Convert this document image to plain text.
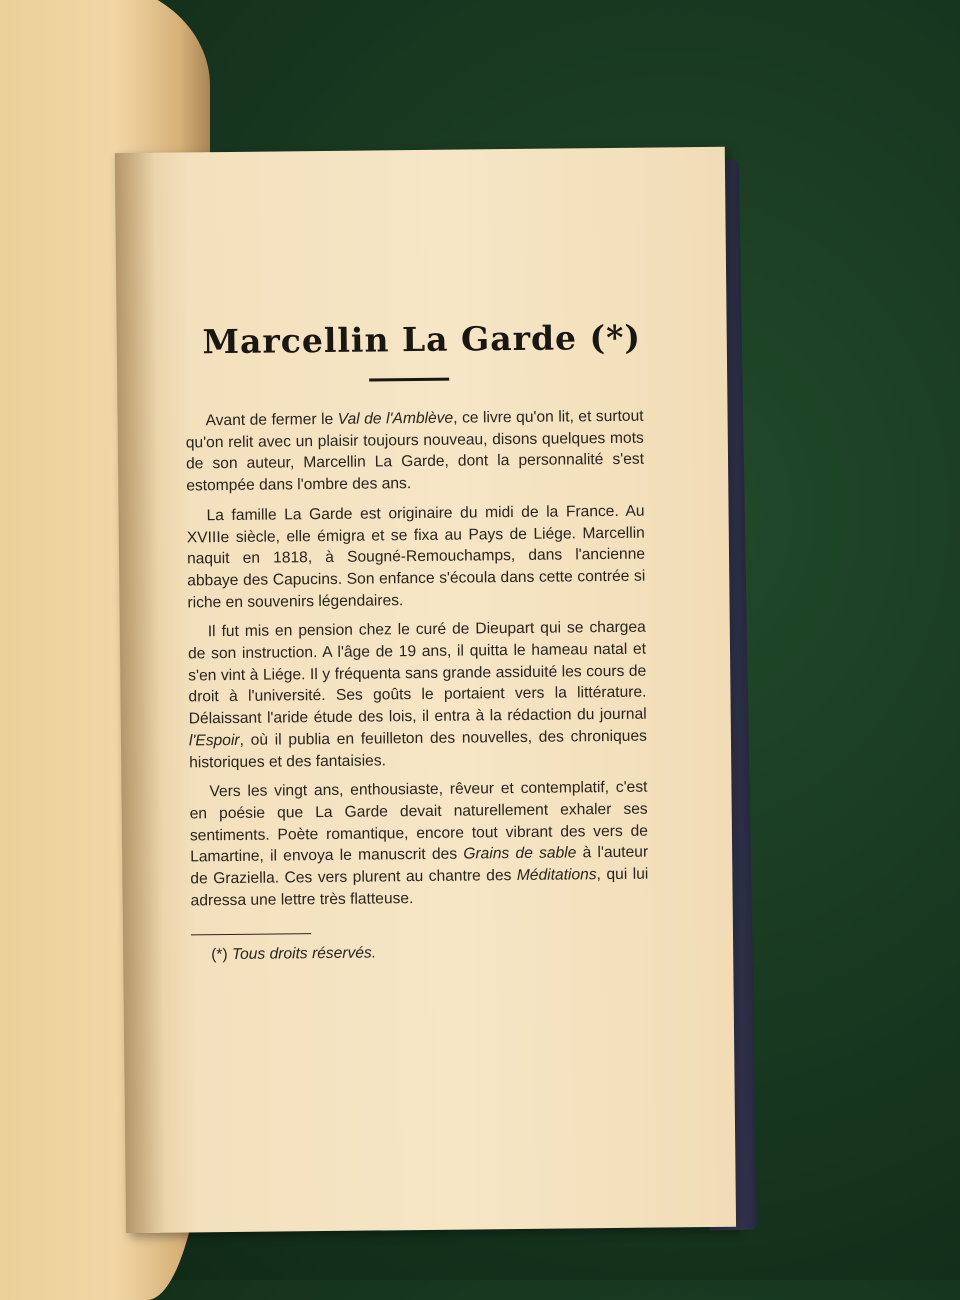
Marcellin La Garde (*)

Avant de fermer le Val de l'Amblève, ce livre qu'on lit, et surtout qu'on relit avec un plaisir toujours nouveau, disons quelques mots de son auteur, Marcellin La Garde, dont la personnalité s'est estompée dans l'ombre des ans.

La famille La Garde est originaire du midi de la France. Au XVIIIe siècle, elle émigra et se fixa au Pays de Liége. Marcellin naquit en 1818, à Sougné-Remouchamps, dans l'ancienne abbaye des Capucins. Son enfance s'écoula dans cette contrée si riche en souvenirs légendaires.

Il fut mis en pension chez le curé de Dieupart qui se chargea de son instruction. A l'âge de 19 ans, il quitta le hameau natal et s'en vint à Liége. Il y fréquenta sans grande assiduité les cours de droit à l'université. Ses goûts le portaient vers la littérature. Délaissant l'aride étude des lois, il entra à la rédaction du journal l'Espoir, où il publia en feuilleton des nouvelles, des chroniques historiques et des fantaisies.

Vers les vingt ans, enthousiaste, rêveur et contemplatif, c'est en poésie que La Garde devait naturellement exhaler ses sentiments. Poète romantique, encore tout vibrant des vers de Lamartine, il envoya le manuscrit des Grains de sable à l'auteur de Graziella. Ces vers plurent au chantre des Méditations, qui lui adressa une lettre très flatteuse.

(*) Tous droits réservés.
